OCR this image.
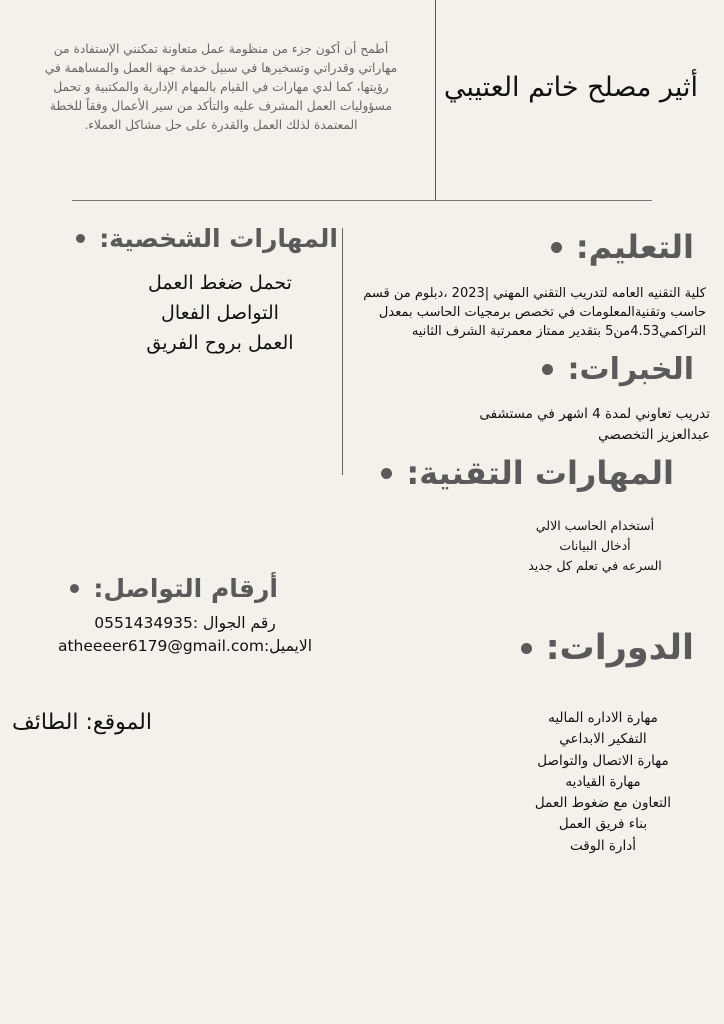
أثير مصلح خاتم العتيبي
أطمح أن أكون جزء من منظومة عمل متعاونة تمكنني الإستفادة من مهاراتي وقدراتي وتسخيرها في سبيل خدمة جهة العمل والمساهمة في رؤيتها، كما لدي مهارات في القيام بالمهام الإدارية والمكتبية و تحمل مسؤوليات العمل المشرف عليه والتأكد من سير الأعمال وفقاً للخطة المعتمدة لذلك العمل والقدرة على حل مشاكل العملاء.
التعليم:
كلية التقنيه العامه لتدريب التقني المهني |2023 ،دبلوم من قسم حاسب وتقنيةالمعلومات في تخصص برمجيات الحاسب بمعدل التراكمي4.53من5 بتقدير ممتاز معمرتبة الشرف الثانيه
الخبرات:
تدريب تعاوني لمدة 4 اشهر في مستشفى عبدالعزيز التخصصي
المهارات التقنية:
أستخدام الحاسب الالي
أدخال البيانات
السرعه في تعلم كل جديد
المهارات الشخصية:
تحمل ضغط العمل
التواصل الفعال
العمل بروح الفريق
أرقام التواصل:
رقم الجوال :0551434935
الايميل:atheeeer6179@gmail.com
الموقع: الطائف
الدورات:
مهارة الاداره الماليه
التفكير الابداعي
مهارة الاتصال والتواصل
مهارة القياديه
التعاون مع ضغوط العمل
بناء فريق العمل
أدارة الوقت
